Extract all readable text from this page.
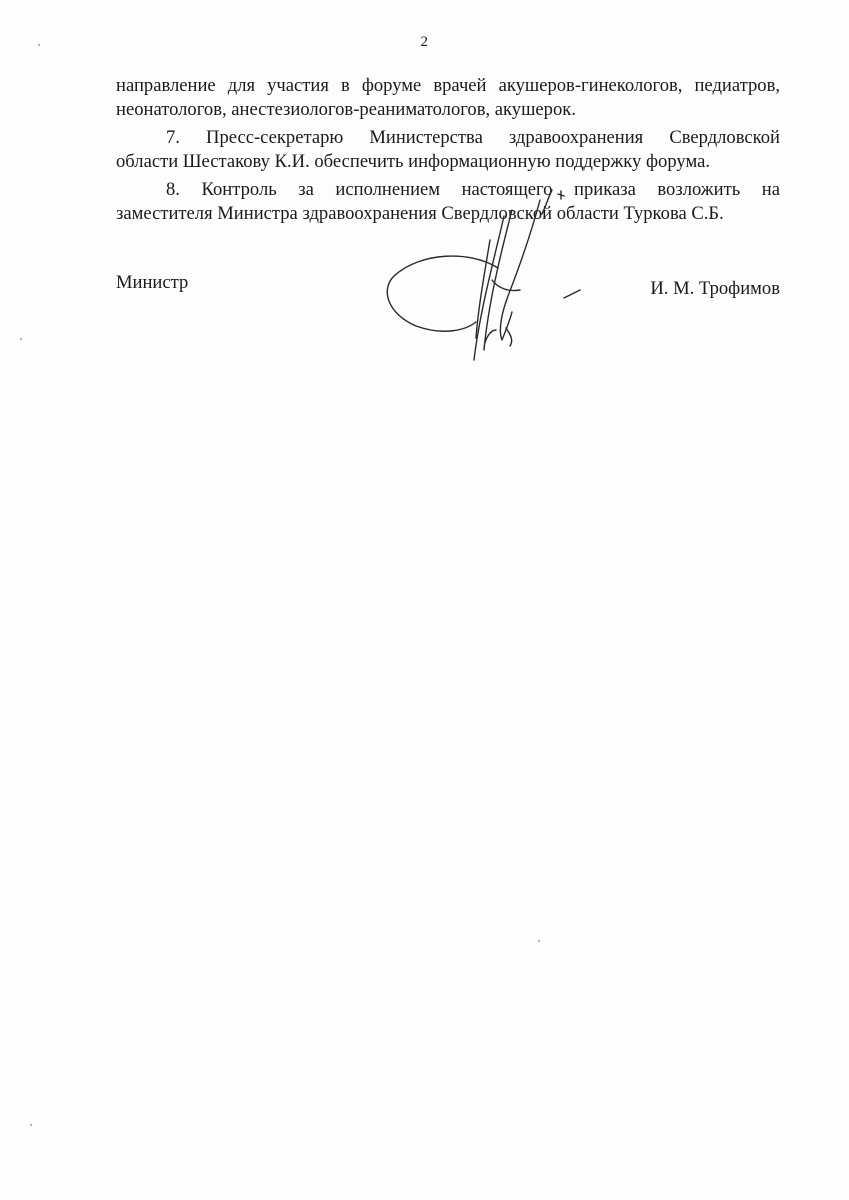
2

направление для участия в форуме врачей акушеров-гинекологов, педиатров,
неонатологов, анестезиологов-реаниматологов, акушерок.

7. Пресс-секретарю Министерства здравоохранения Свердловской
области Шестакову К.И. обеспечить информационную поддержку форума.

8. Контроль за исполнением настоящего приказа возложить на
заместителя Министра здравоохранения Свердловской области Туркова С.Б.

Министр	И. М. Трофимов
